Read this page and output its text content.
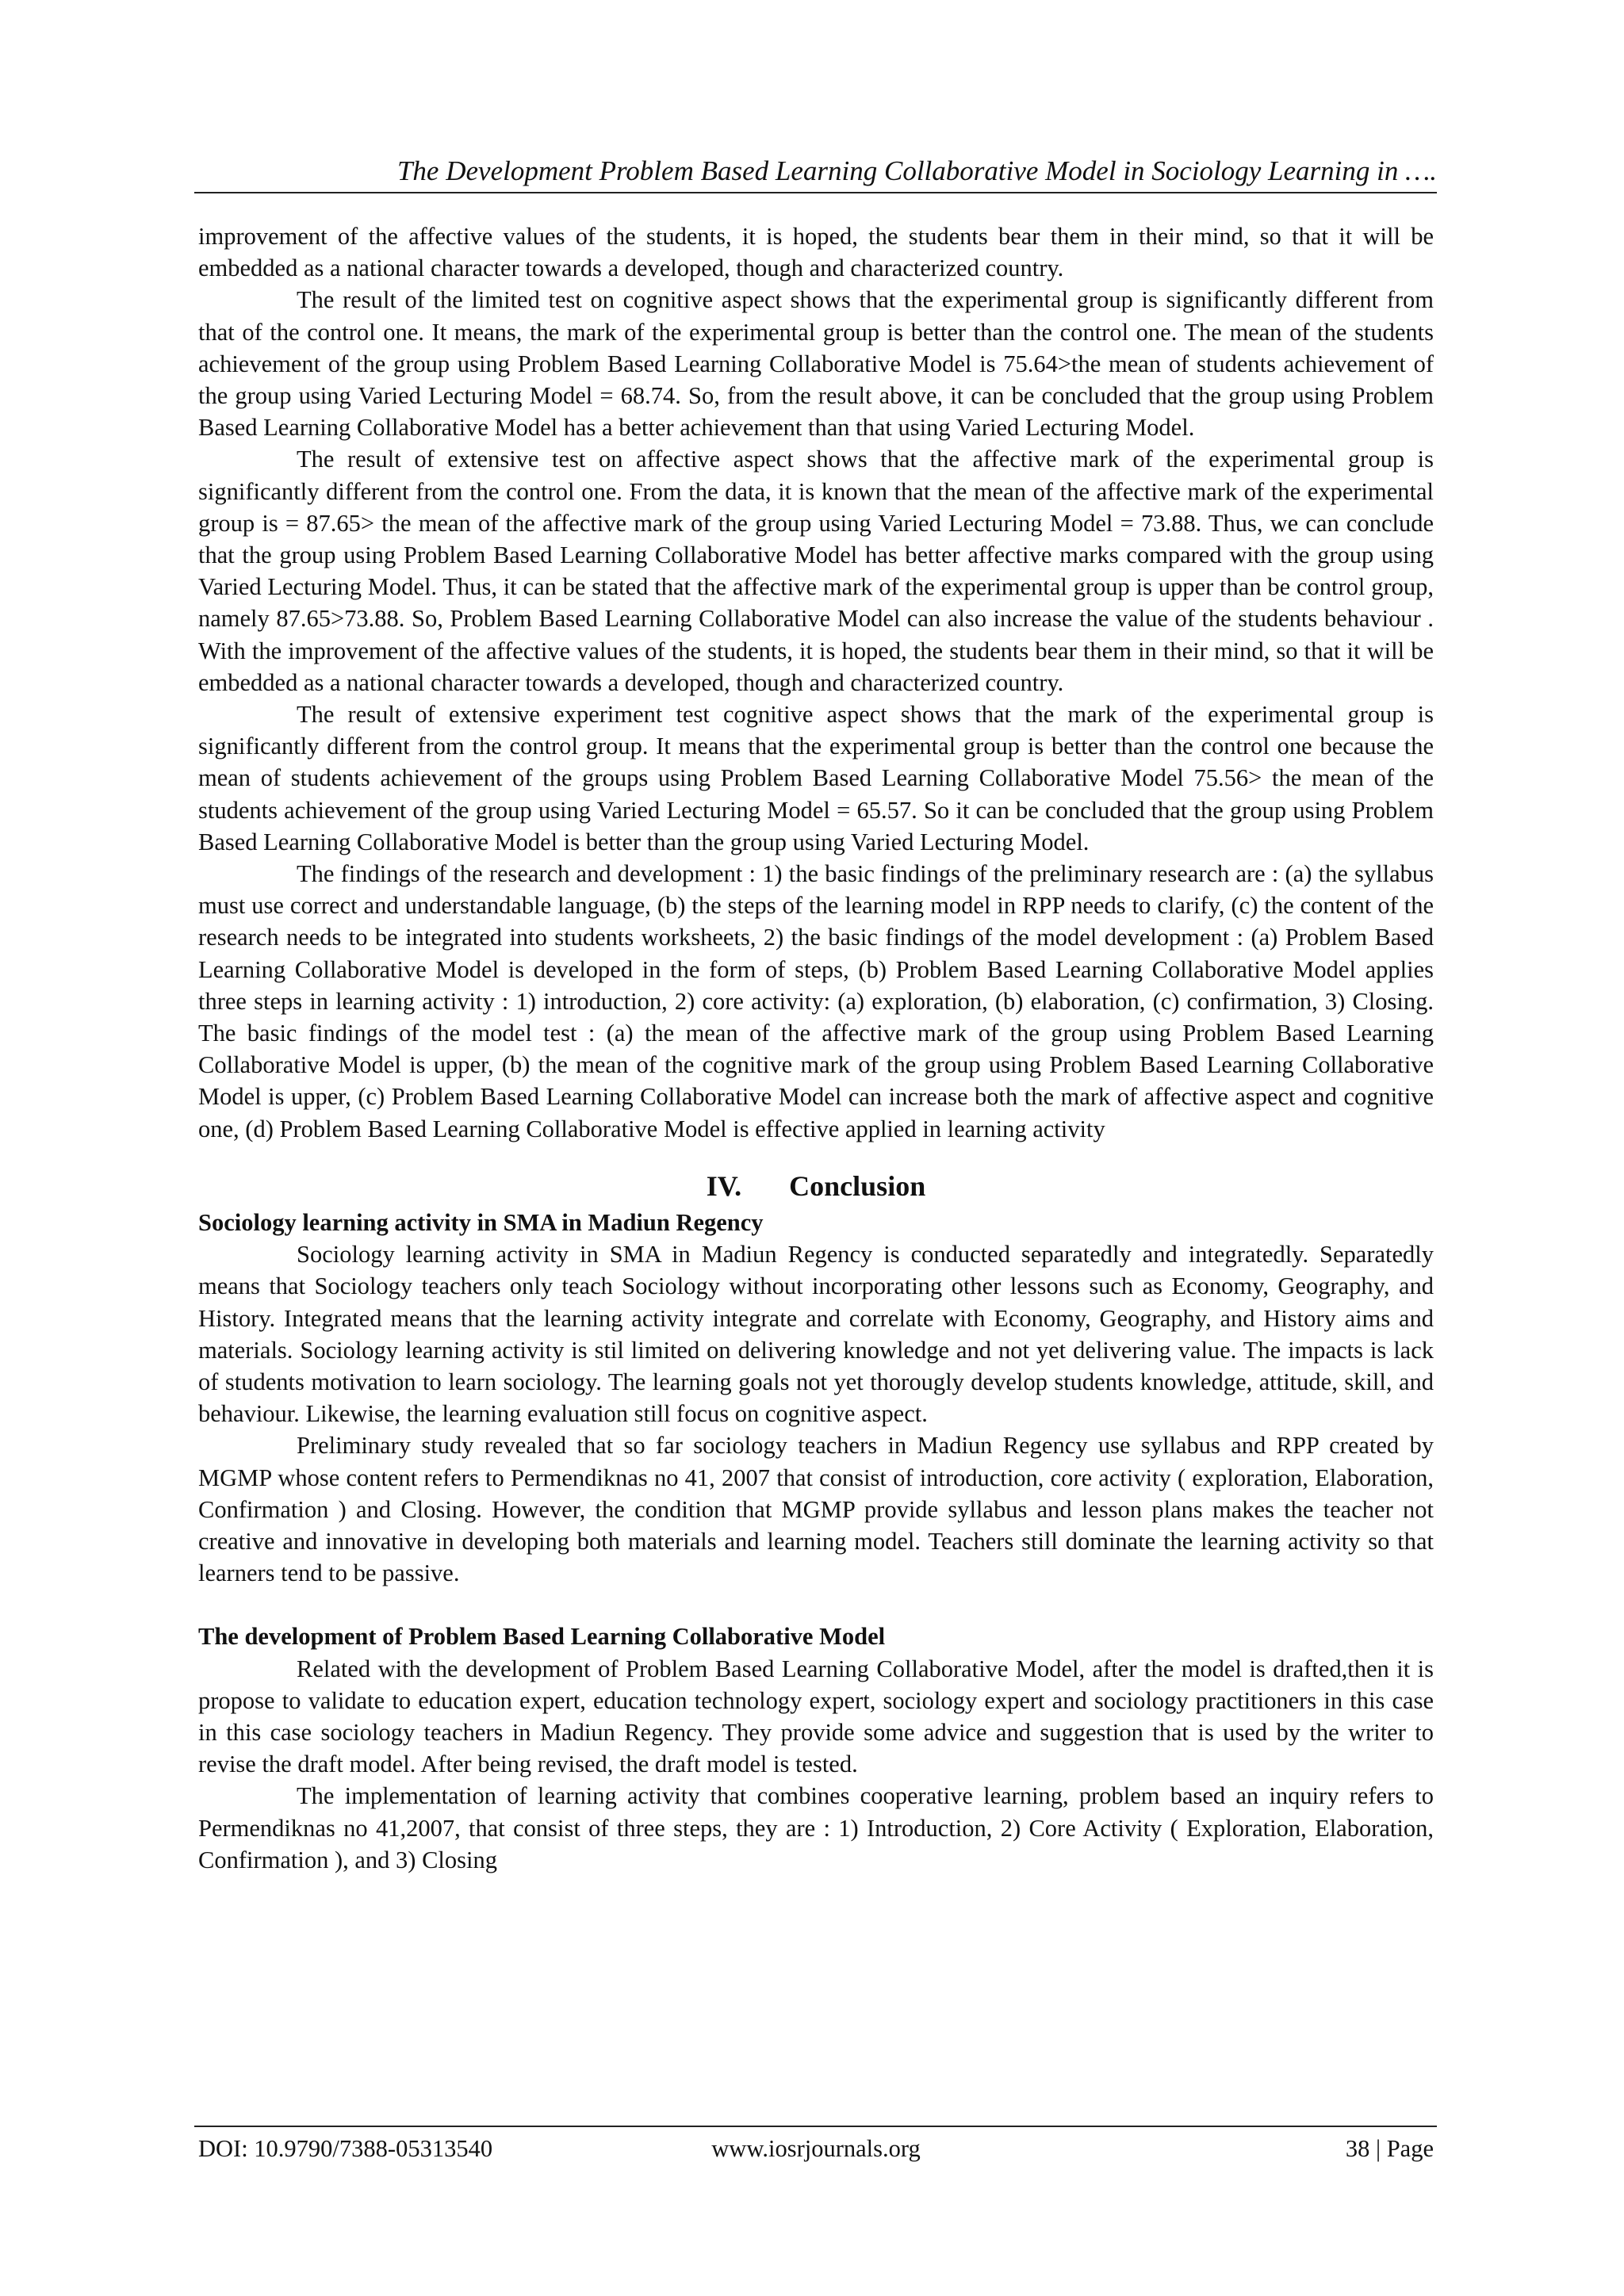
The Development Problem Based Learning Collaborative Model in Sociology Learning in ….

improvement of the affective values of the students, it is hoped, the students bear them in their mind, so that it will be embedded as a national character towards a developed, though and characterized country.

The result of the limited test on cognitive aspect shows that the experimental group is significantly different from that of the control one. It means, the mark of the experimental group is better than the control one. The mean of the students achievement of the group using Problem Based Learning Collaborative Model is 75.64>the mean of students achievement of the group using Varied Lecturing Model = 68.74. So, from the result above, it can be concluded that the group using Problem Based Learning Collaborative Model has a better achievement than that using Varied Lecturing Model.

The result of extensive test on affective aspect shows that the affective mark of the experimental group is significantly different from the control one. From the data, it is known that the mean of the affective mark of the experimental group is = 87.65> the mean of the affective mark of the group using Varied Lecturing Model = 73.88. Thus, we can conclude that the group using Problem Based Learning Collaborative Model has better affective marks compared with the group using Varied Lecturing Model. Thus, it can be stated that the affective mark of the experimental group is upper than be control group, namely 87.65>73.88. So, Problem Based Learning Collaborative Model can also increase the value of the students behaviour . With the improvement of the affective values of the students, it is hoped, the students bear them in their mind, so that it will be embedded as a national character towards a developed, though and characterized country.

The result of extensive experiment test cognitive aspect shows that the mark of the experimental group is significantly different from the control group. It means that the experimental group is better than the control one because the mean of students achievement of the groups using Problem Based Learning Collaborative Model 75.56> the mean of the students achievement of the group using Varied Lecturing Model = 65.57. So it can be concluded that the group using Problem Based Learning Collaborative Model is better than the group using Varied Lecturing Model.

The findings of the research and development : 1) the basic findings of the preliminary research are : (a) the syllabus must use correct and understandable language, (b) the steps of the learning model in RPP needs to clarify, (c) the content of the research needs to be integrated into students worksheets, 2) the basic findings of the model development : (a) Problem Based Learning Collaborative Model is developed in the form of steps, (b) Problem Based Learning Collaborative Model applies three steps in learning activity : 1) introduction, 2) core activity: (a) exploration, (b) elaboration, (c) confirmation, 3) Closing. The basic findings of the model test : (a) the mean of the affective mark of the group using Problem Based Learning Collaborative Model is upper, (b) the mean of the cognitive mark of the group using Problem Based Learning Collaborative Model is upper, (c) Problem Based Learning Collaborative Model can increase both the mark of affective aspect and cognitive one, (d) Problem Based Learning Collaborative Model is effective applied in learning activity

IV. Conclusion

Sociology learning activity in SMA in Madiun Regency

Sociology learning activity in SMA in Madiun Regency is conducted separatedly and integratedly. Separatedly means that Sociology teachers only teach Sociology without incorporating other lessons such as Economy, Geography, and History. Integrated means that the learning activity integrate and correlate with Economy, Geography, and History aims and materials. Sociology learning activity is stil limited on delivering knowledge and not yet delivering value. The impacts is lack of students motivation to learn sociology. The learning goals not yet thorougly develop students knowledge, attitude, skill, and behaviour. Likewise, the learning evaluation still focus on cognitive aspect.

Preliminary study revealed that so far sociology teachers in Madiun Regency use syllabus and RPP created by MGMP whose content refers to Permendiknas no 41, 2007 that consist of introduction, core activity ( exploration, Elaboration, Confirmation ) and Closing. However, the condition that MGMP provide syllabus and lesson plans makes the teacher not creative and innovative in developing both materials and learning model. Teachers still dominate the learning activity so that learners tend to be passive.

The development of Problem Based Learning Collaborative Model

Related with the development of Problem Based Learning Collaborative Model, after the model is drafted,then it is propose to validate to education expert, education technology expert, sociology expert and sociology practitioners in this case in this case sociology teachers in Madiun Regency. They provide some advice and suggestion that is used by the writer to revise the draft model. After being revised, the draft model is tested.

The implementation of learning activity that combines cooperative learning, problem based an inquiry refers to Permendiknas no 41,2007, that consist of three steps, they are : 1) Introduction, 2) Core Activity ( Exploration, Elaboration, Confirmation ), and 3) Closing

DOI: 10.9790/7388-05313540	www.iosrjournals.org	38 | Page
